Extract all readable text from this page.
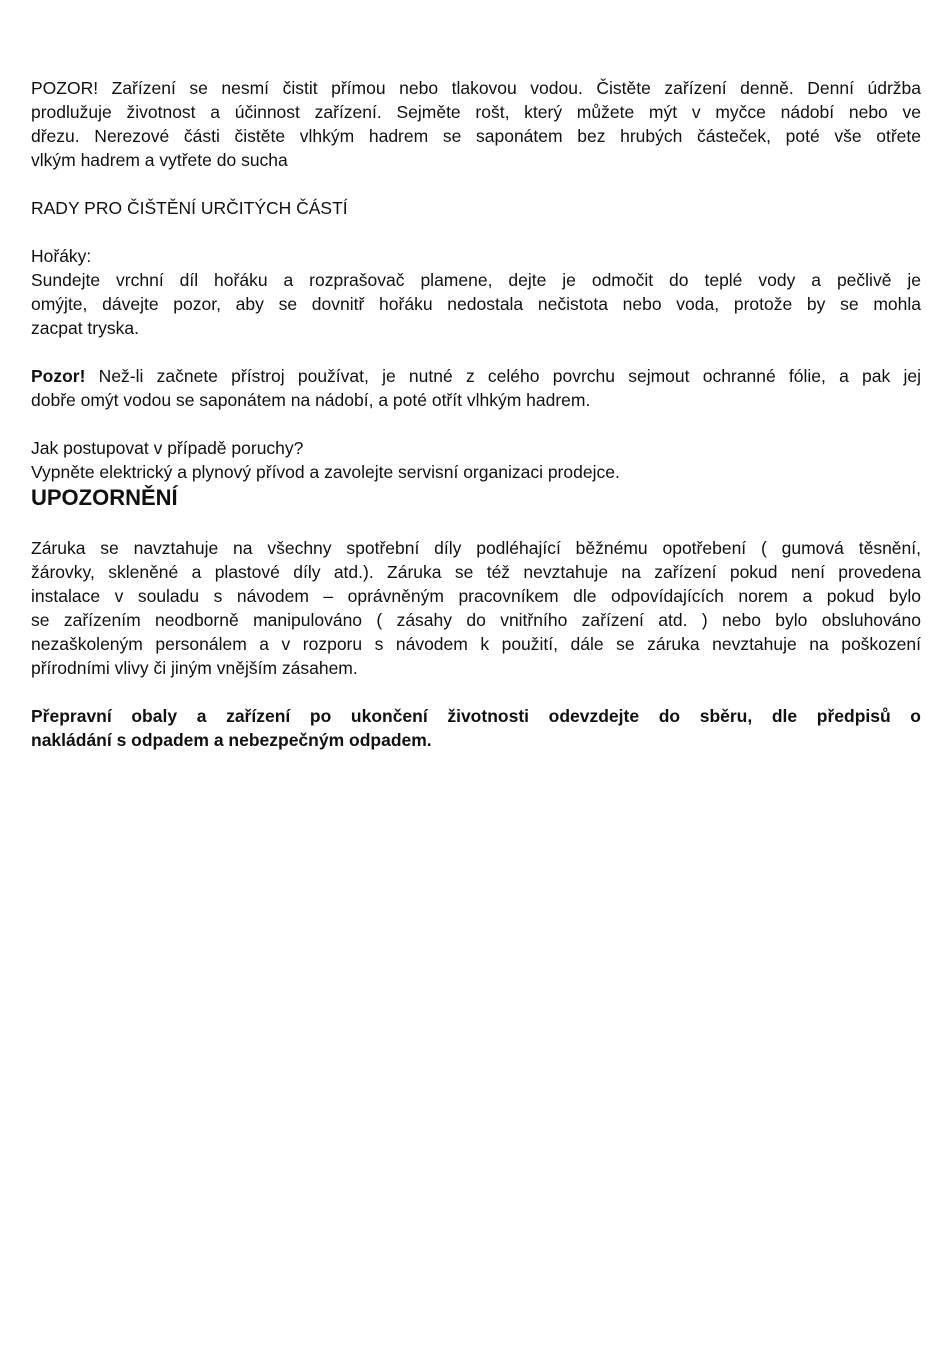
POZOR! Zařízení se nesmí čistit přímou nebo tlakovou vodou. Čistěte zařízení denně. Denní údržba
prodlužuje životnost a účinnost zařízení. Sejměte rošt, který můžete mýt v myčce nádobí nebo ve
dřezu. Nerezové části čistěte vlhkým hadrem se saponátem bez hrubých částeček, poté vše otřete
vlkým hadrem a vytřete do sucha

RADY PRO ČIŠTĚNÍ URČITÝCH ČÁSTÍ

Hořáky:
Sundejte vrchní díl hořáku a rozprašovač plamene, dejte je odmočit do teplé vody a pečlivě je
omýjte, dávejte pozor, aby se dovnitř hořáku nedostala nečistota nebo voda, protože by se mohla
zacpat tryska.

Pozor! Než-li začnete přístroj používat, je nutné z celého povrchu sejmout ochranné fólie, a pak jej
dobře omýt vodou se saponátem na nádobí, a poté otřít vlhkým hadrem.

Jak postupovat v případě poruchy?
Vypněte elektrický a plynový přívod a zavolejte servisní organizaci prodejce.

UPOZORNĚNÍ

Záruka se navztahuje na všechny spotřební díly podléhající běžnému opotřebení ( gumová těsnění,
žárovky, skleněné a plastové díly atd.). Záruka se též nevztahuje na zařízení pokud není provedena
instalace v souladu s návodem – oprávněným pracovníkem dle odpovídajících norem a pokud bylo
se zařízením neodborně manipulováno ( zásahy do vnitřního zařízení atd. ) nebo bylo obsluhováno
nezaškoleným personálem a v rozporu s návodem k použití, dále se záruka nevztahuje na poškození
přírodními vlivy či jiným vnějším zásahem.

Přepravní obaly a zařízení po ukončení životnosti odevzdejte do sběru, dle předpisů o
nakládání s odpadem a nebezpečným odpadem.
